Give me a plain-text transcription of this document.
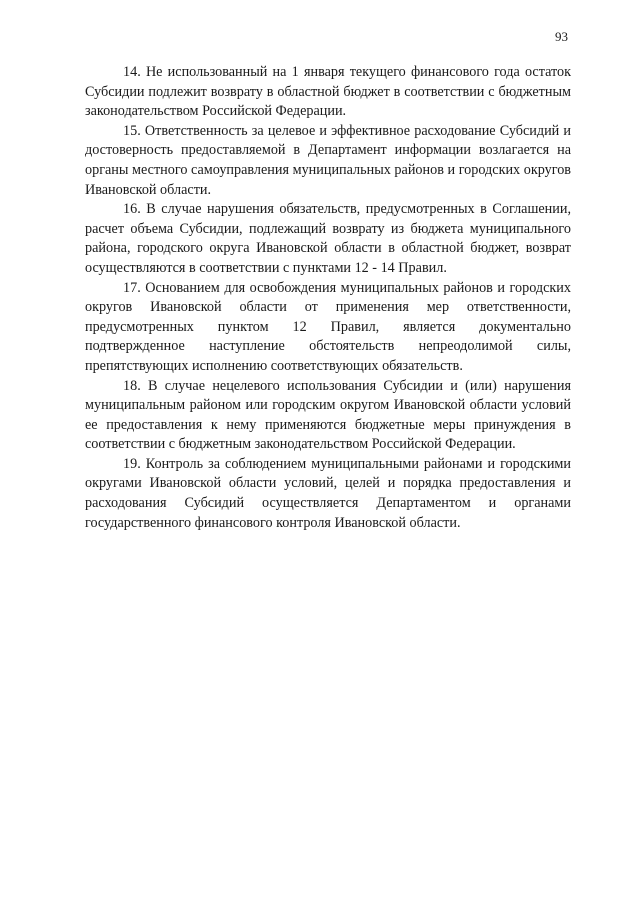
93

14. Не использованный на 1 января текущего финансового года остаток Субсидии подлежит возврату в областной бюджет в соответствии с бюджетным законодательством Российской Федерации.

15. Ответственность за целевое и эффективное расходование Субсидий и достоверность предоставляемой в Департамент информации возлагается на органы местного самоуправления муниципальных районов и городских округов Ивановской области.

16. В случае нарушения обязательств, предусмотренных в Соглашении, расчет объема Субсидии, подлежащий возврату из бюджета муниципального района, городского округа Ивановской области в областной бюджет, возврат осуществляются в соответствии с пунктами 12 - 14 Правил.

17. Основанием для освобождения муниципальных районов и городских округов Ивановской области от применения мер ответственности, предусмотренных пунктом 12 Правил, является документально подтвержденное наступление обстоятельств непреодолимой силы, препятствующих исполнению соответствующих обязательств.

18. В случае нецелевого использования Субсидии и (или) нарушения муниципальным районом или городским округом Ивановской области условий ее предоставления к нему применяются бюджетные меры принуждения в соответствии с бюджетным законодательством Российской Федерации.

19. Контроль за соблюдением муниципальными районами и городскими округами Ивановской области условий, целей и порядка предоставления и расходования Субсидий осуществляется Департаментом и органами государственного финансового контроля Ивановской области.
